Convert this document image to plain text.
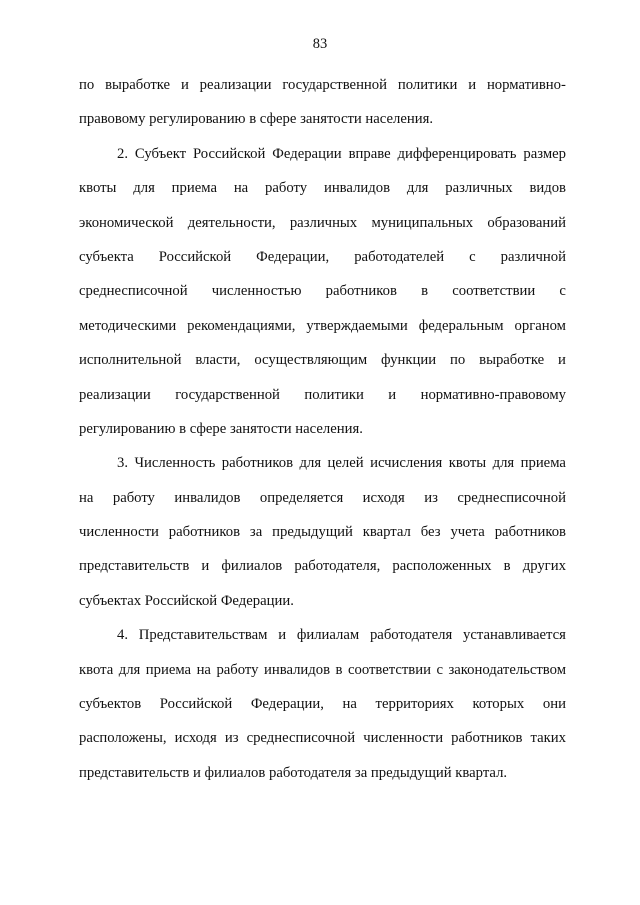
83
по выработке и реализации государственной политики и нормативно-
правовому регулированию в сфере занятости населения.
2. Субъект Российской Федерации вправе дифференцировать размер
квоты для приема на работу инвалидов для различных видов
экономической деятельности, различных муниципальных образований
субъекта Российской Федерации, работодателей с различной
среднесписочной численностью работников в соответствии с
методическими рекомендациями, утверждаемыми федеральным органом
исполнительной власти, осуществляющим функции по выработке и
реализации государственной политики и нормативно-правовому
регулированию в сфере занятости населения.
3. Численность работников для целей исчисления квоты для приема
на работу инвалидов определяется исходя из среднесписочной
численности работников за предыдущий квартал без учета работников
представительств и филиалов работодателя, расположенных в других
субъектах Российской Федерации.
4. Представительствам и филиалам работодателя устанавливается
квота для приема на работу инвалидов в соответствии с законодательством
субъектов Российской Федерации, на территориях которых они
расположены, исходя из среднесписочной численности работников таких
представительств и филиалов работодателя за предыдущий квартал.
